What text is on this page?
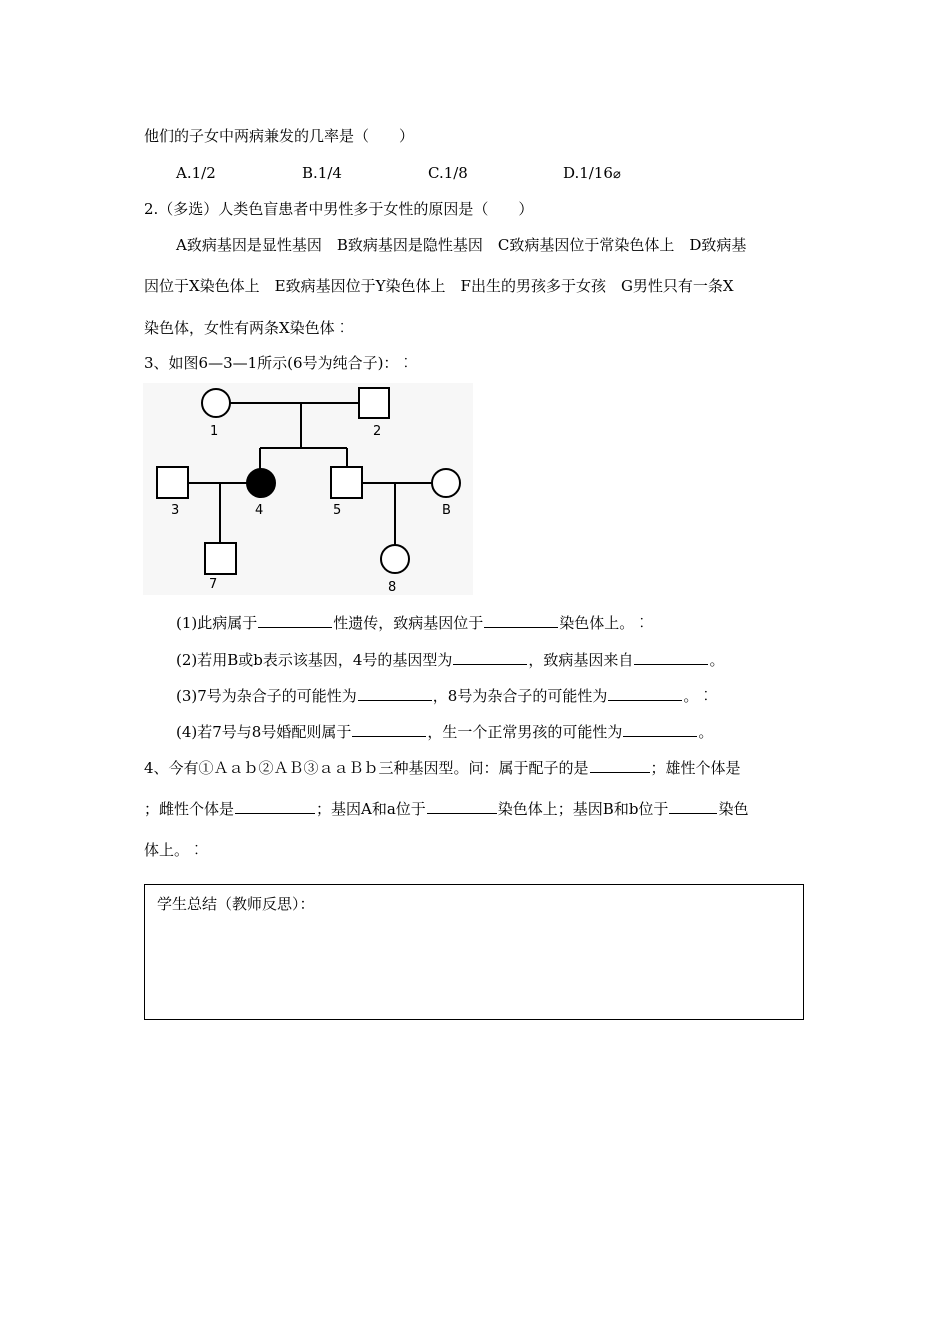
他们的子女中两病兼发的几率是（　　）
A.1/2	B.1/4	C.1/8	D.1/16⌀
2.（多选）人类色盲患者中男性多于女性的原因是（　　）
A致病基因是显性基因　B致病基因是隐性基因　C致病基因位于常染色体上　D致病基
因位于X染色体上　E致病基因位于Y染色体上　F出生的男孩多于女孩　G男性只有一条X
染色体，女性有两条X染色体︰
3、如图6—3—1所示(6号为纯合子)：︰
1	2
3	4	5	B
7	8
(1)此病属于	性遗传，致病基因位于	染色体上。︰
(2)若用B或b表示该基因，4号的基因型为	，致病基因来自	。
(3)7号为杂合子的可能性为	，8号为杂合子的可能性为	。︰
(4)若7号与8号婚配则属于	，生一个正常男孩的可能性为	。
4、今有①Ａａｂ②ＡＢ③ａａＢｂ三种基因型。问：属于配子的是	；雄性个体是
；雌性个体是	；基因A和a位于	染色体上；基因B和b位于	染色
体上。︰
学生总结（教师反思）：
